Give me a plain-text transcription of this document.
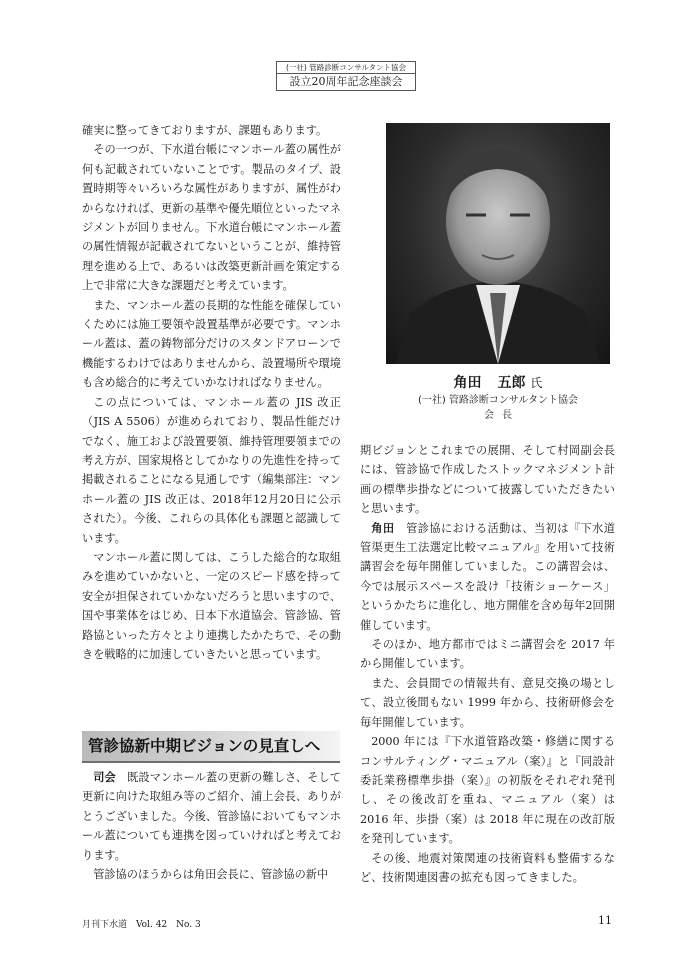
(一社) 管路診断コンサルタント協会
設立20周年記念座談会

確実に整ってきておりますが、課題もあります。

その一つが、下水道台帳にマンホール蓋の属性が何も記載されていないことです。製品のタイプ、設置時期等々いろいろな属性がありますが、属性がわからなければ、更新の基準や優先順位といったマネジメントが回りません。下水道台帳にマンホール蓋の属性情報が記載されてないということが、維持管理を進める上で、あるいは改築更新計画を策定する上で非常に大きな課題だと考えています。

また、マンホール蓋の長期的な性能を確保していくためには施工要領や設置基準が必要です。マンホール蓋は、蓋の鋳物部分だけのスタンドアローンで機能するわけではありませんから、設置場所や環境も含め総合的に考えていかなければなりません。

この点については、マンホール蓋の JIS 改正（JIS A 5506）が進められており、製品性能だけでなく、施工および設置要領、維持管理要領までの考え方が、国家規格としてかなりの先進性を持って掲載されることになる見通しです（編集部注：マンホール蓋の JIS 改正は、2018年12月20日に公示された）。今後、これらの具体化も課題と認識しています。

マンホール蓋に関しては、こうした総合的な取組みを進めていかないと、一定のスピード感を持って安全が担保されていかないだろうと思いますので、国や事業体をはじめ、日本下水道協会、管診協、管路協といった方々とより連携したかたちで、その動きを戦略的に加速していきたいと思っています。

管診協新中期ビジョンの見直しへ

司会　 既設マンホール蓋の更新の難しさ、そして更新に向けた取組み等のご紹介、浦上会長、ありがとうございました。今後、管診協においてもマンホール蓋についても連携を図っていければと考えております。

管診協のほうからは角田会長に、管診協の新中

角田 五郎 氏
(一社) 管路診断コンサルタント協会
会長

期ビジョンとこれまでの展開、そして村岡副会長には、管診協で作成したストックマネジメント計画の標準歩掛などについて披露していただきたいと思います。

角田　 管診協における活動は、当初は『下水道管渠更生工法選定比較マニュアル』を用いて技術講習会を毎年開催していました。この講習会は、今では展示スペースを設け「技術ショーケース」というかたちに進化し、地方開催を含め毎年2回開催しています。

そのほか、地方都市ではミニ講習会を 2017 年から開催しています。

また、会員間での情報共有、意見交換の場として、設立後間もない 1999 年から、技術研修会を毎年開催しています。

2000 年には『下水道管路改築・修繕に関するコンサルティング・マニュアル（案）』と『同設計委託業務標準歩掛（案）』の初版をそれぞれ発刊し、その後改訂を重ね、マニュアル（案）は 2016 年、歩掛（案）は 2018 年に現在の改訂版を発刊しています。

その後、地震対策関連の技術資料も整備するなど、技術関連図書の拡充も図ってきました。

月刊下水道　Vol. 42　No. 3	11
